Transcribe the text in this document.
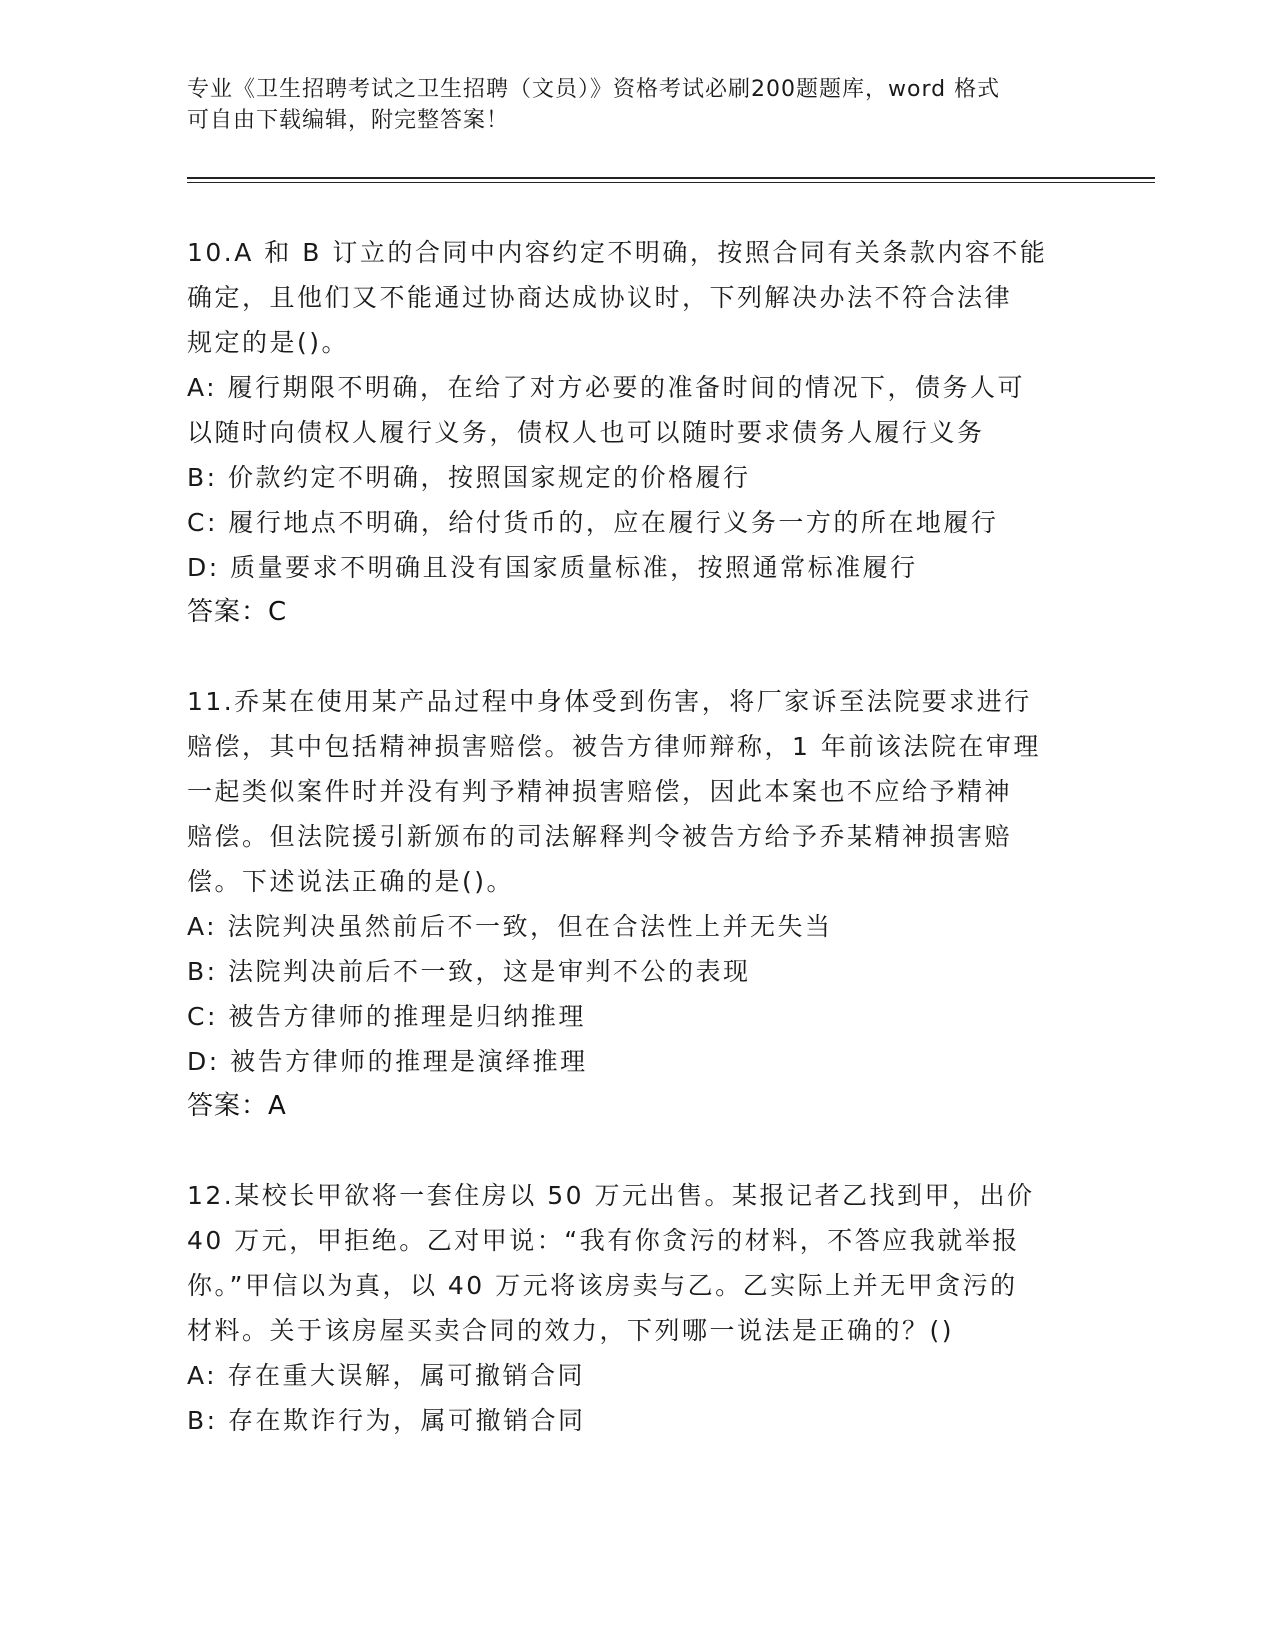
专业《卫生招聘考试之卫生招聘（文员）》资格考试必刷200题题库，word 格式
可自由下载编辑，附完整答案！
10.A 和 B 订立的合同中内容约定不明确，按照合同有关条款内容不能
确定，且他们又不能通过协商达成协议时，下列解决办法不符合法律
规定的是()。
A: 履行期限不明确，在给了对方必要的准备时间的情况下，债务人可
以随时向债权人履行义务，债权人也可以随时要求债务人履行义务
B: 价款约定不明确，按照国家规定的价格履行
C: 履行地点不明确，给付货币的，应在履行义务一方的所在地履行
D: 质量要求不明确且没有国家质量标准，按照通常标准履行
答案：C
11.乔某在使用某产品过程中身体受到伤害，将厂家诉至法院要求进行
赔偿，其中包括精神损害赔偿。被告方律师辩称，1 年前该法院在审理
一起类似案件时并没有判予精神损害赔偿，因此本案也不应给予精神
赔偿。但法院援引新颁布的司法解释判令被告方给予乔某精神损害赔
偿。下述说法正确的是()。
A: 法院判决虽然前后不一致，但在合法性上并无失当
B: 法院判决前后不一致，这是审判不公的表现
C: 被告方律师的推理是归纳推理
D: 被告方律师的推理是演绎推理
答案：A
12.某校长甲欲将一套住房以 50 万元出售。某报记者乙找到甲，出价
40 万元，甲拒绝。乙对甲说：“我有你贪污的材料，不答应我就举报
你。”甲信以为真，以 40 万元将该房卖与乙。乙实际上并无甲贪污的
材料。关于该房屋买卖合同的效力，下列哪一说法是正确的？()
A: 存在重大误解，属可撤销合同
B: 存在欺诈行为，属可撤销合同
